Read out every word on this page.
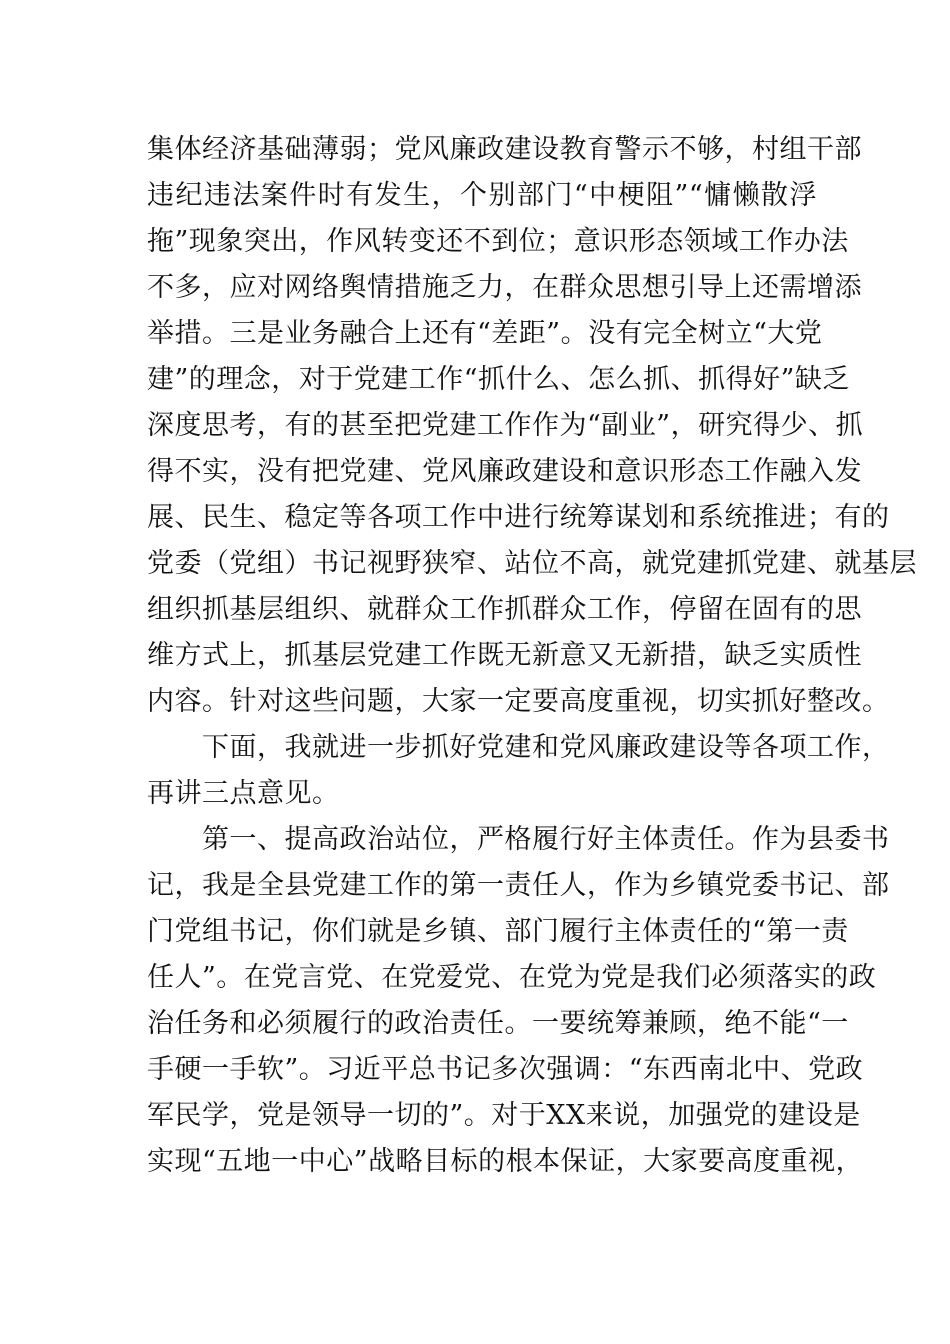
集体经济基础薄弱；党风廉政建设教育警示不够，村组干部
违纪违法案件时有发生，个别部门“中梗阻”“慵懒散浮
拖”现象突出，作风转变还不到位；意识形态领域工作办法
不多，应对网络舆情措施乏力，在群众思想引导上还需增添
举措。三是业务融合上还有“差距”。没有完全树立“大党
建”的理念，对于党建工作“抓什么、怎么抓、抓得好”缺乏
深度思考，有的甚至把党建工作作为“副业”，研究得少、抓
得不实，没有把党建、党风廉政建设和意识形态工作融入发
展、民生、稳定等各项工作中进行统筹谋划和系统推进；有的
党委（党组）书记视野狭窄、站位不高，就党建抓党建、就基层
组织抓基层组织、就群众工作抓群众工作，停留在固有的思
维方式上，抓基层党建工作既无新意又无新措，缺乏实质性
内容。针对这些问题，大家一定要高度重视，切实抓好整改。
　　下面，我就进一步抓好党建和党风廉政建设等各项工作，
再讲三点意见。
　　第一、提高政治站位，严格履行好主体责任。作为县委书
记，我是全县党建工作的第一责任人，作为乡镇党委书记、部
门党组书记，你们就是乡镇、部门履行主体责任的“第一责
任人”。在党言党、在党爱党、在党为党是我们必须落实的政
治任务和必须履行的政治责任。一要统筹兼顾，绝不能“一
手硬一手软”。习近平总书记多次强调：“东西南北中、党政
军民学，党是领导一切的”。对于XX来说，加强党的建设是
实现“五地一中心”战略目标的根本保证，大家要高度重视，
